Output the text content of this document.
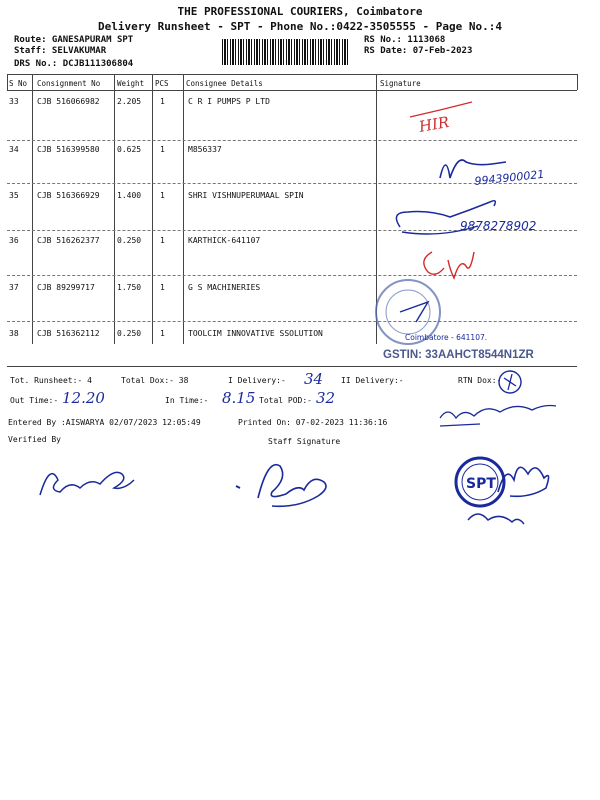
THE PROFESSIONAL COURIERS, Coimbatore
Delivery Runsheet - SPT - Phone No.:0422-3505555 - Page No.:4
Route: GANESAPURAM SPT
Staff: SELVAKUMAR
DRS No.: DCJB111306804
RS No.: 1113068
RS Date: 07-Feb-2023
S No Consignment No Weight PCS Consignee Details	Signature
33 CJB 516066982 2.205 1	C R I PUMPS P LTD
34 CJB 516399580 0.625 1	M856337
35 CJB 516366929 1.400 1	SHRI VISHNUPERUMAAL SPIN
36 CJB 516262377 0.250 1	KARTHICK-641107
37 CJB 89299717	1.750 1	G S MACHINERIES
38 CJB 516362112 0.250 1	TOOLCIM INNOVATIVE SSOLUTION
HIR
9943900021
9878278902
Coimbatore - 641107.
GSTIN: 33AAHCT8544N1ZR
Tot. Runsheet:- 4	Total Dox:- 38	I Delivery:- 34 II Delivery:-	RTN Dox:-
Out Time:- 12.20	In Time:- 8.15 Total POD:- 32
Entered By :AISWARYA 02/07/2023 12:05:49	Printed On: 07-02-2023 11:36:16
Verified By	Staff Signature
SPT
